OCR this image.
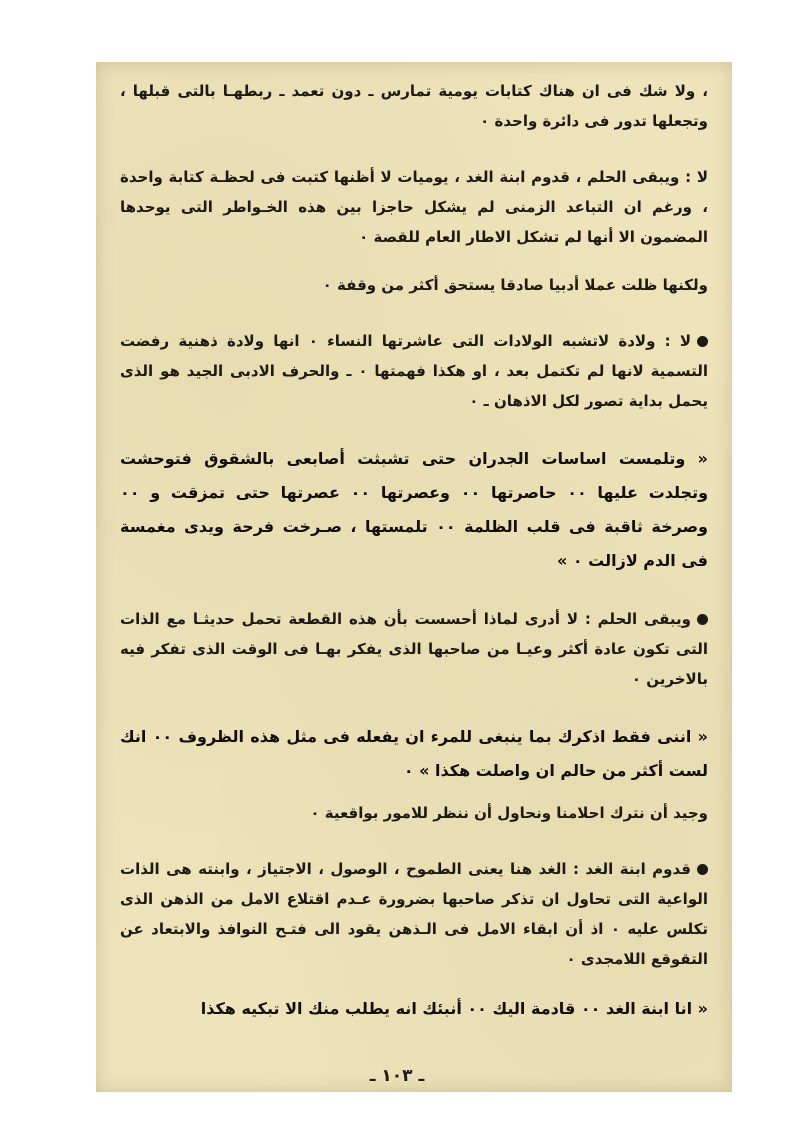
، ولا شك فى ان هناك كتابات يومية تمارس ـ دون تعمد ـ ربطهـا بالتى قبلها ، وتجعلها تدور فى دائرة واحدة ٠

لا : ويبقى الحلم ، قدوم ابنة الغد ، يوميات لا أظنها كتبت فى لحظـة كتابة واحدة ، ورغم ان التباعد الزمنى لم يشكل حاجزا بين هذه الخـواطر التى يوحدها المضمون الا أنها لم تشكل الاطار العام للقصة ٠

ولكنها ظلت عملا أدبيا صادقا يستحق أكثر من وقفة ٠

لا : ولادة لاتشبه الولادات التى عاشرتها النساء ٠ انها ولادة ذهنية رفضت التسمية لانها لم تكتمل بعد ، او هكذا فهمتها ٠ ـ والحرف الادبى الجيد هو الذى يحمل بداية تصور لكل الاذهان ـ ٠

« وتلمست اساسات الجدران حتى تشبثت أصابعى بالشقوق فتوحشت وتجلدت عليها ٠٠ حاصرتها ٠٠ وعصرتها ٠٠ عصرتها حتى تمزقت و ٠٠ وصرخة ثاقبة فى قلب الظلمة ٠٠ تلمستها ، صـرخت فرحة ويدى مغمسة فى الدم لازالت ٠ »

ويبقى الحلم : لا أدرى لماذا أحسست بأن هذه القطعة تحمل حديثـا مع الذات التى تكون عادة أكثر وعيـا من صاحبها الذى يفكر بهـا فى الوقت الذى تفكر فيه بالاخرين ٠

« اننى فقط اذكرك بما ينبغى للمرء ان يفعله فى مثل هذه الظروف ٠٠ انك لست أكثر من حالم ان واصلت هكذا » ٠

وجيد أن نترك احلامنا ونحاول أن ننظر للامور بواقعية ٠

قدوم ابنة الغد : الغد هنا يعنى الطموح ، الوصول ، الاجتياز ، وابنته هى الذات الواعية التى تحاول ان تذكر صاحبها بضرورة عـدم اقتلاع الامل من الذهن الذى تكلس عليه ٠ اذ أن ابقاء الامل فى الـذهن يقود الى فتـح النوافذ والابتعاد عن التقوقع اللامجدى ٠

« انا ابنة الغد ٠٠ قادمة اليك ٠٠ أنبئك انه يطلب منك الا تبكيه هكذا

ـ ١٠٣ ـ
